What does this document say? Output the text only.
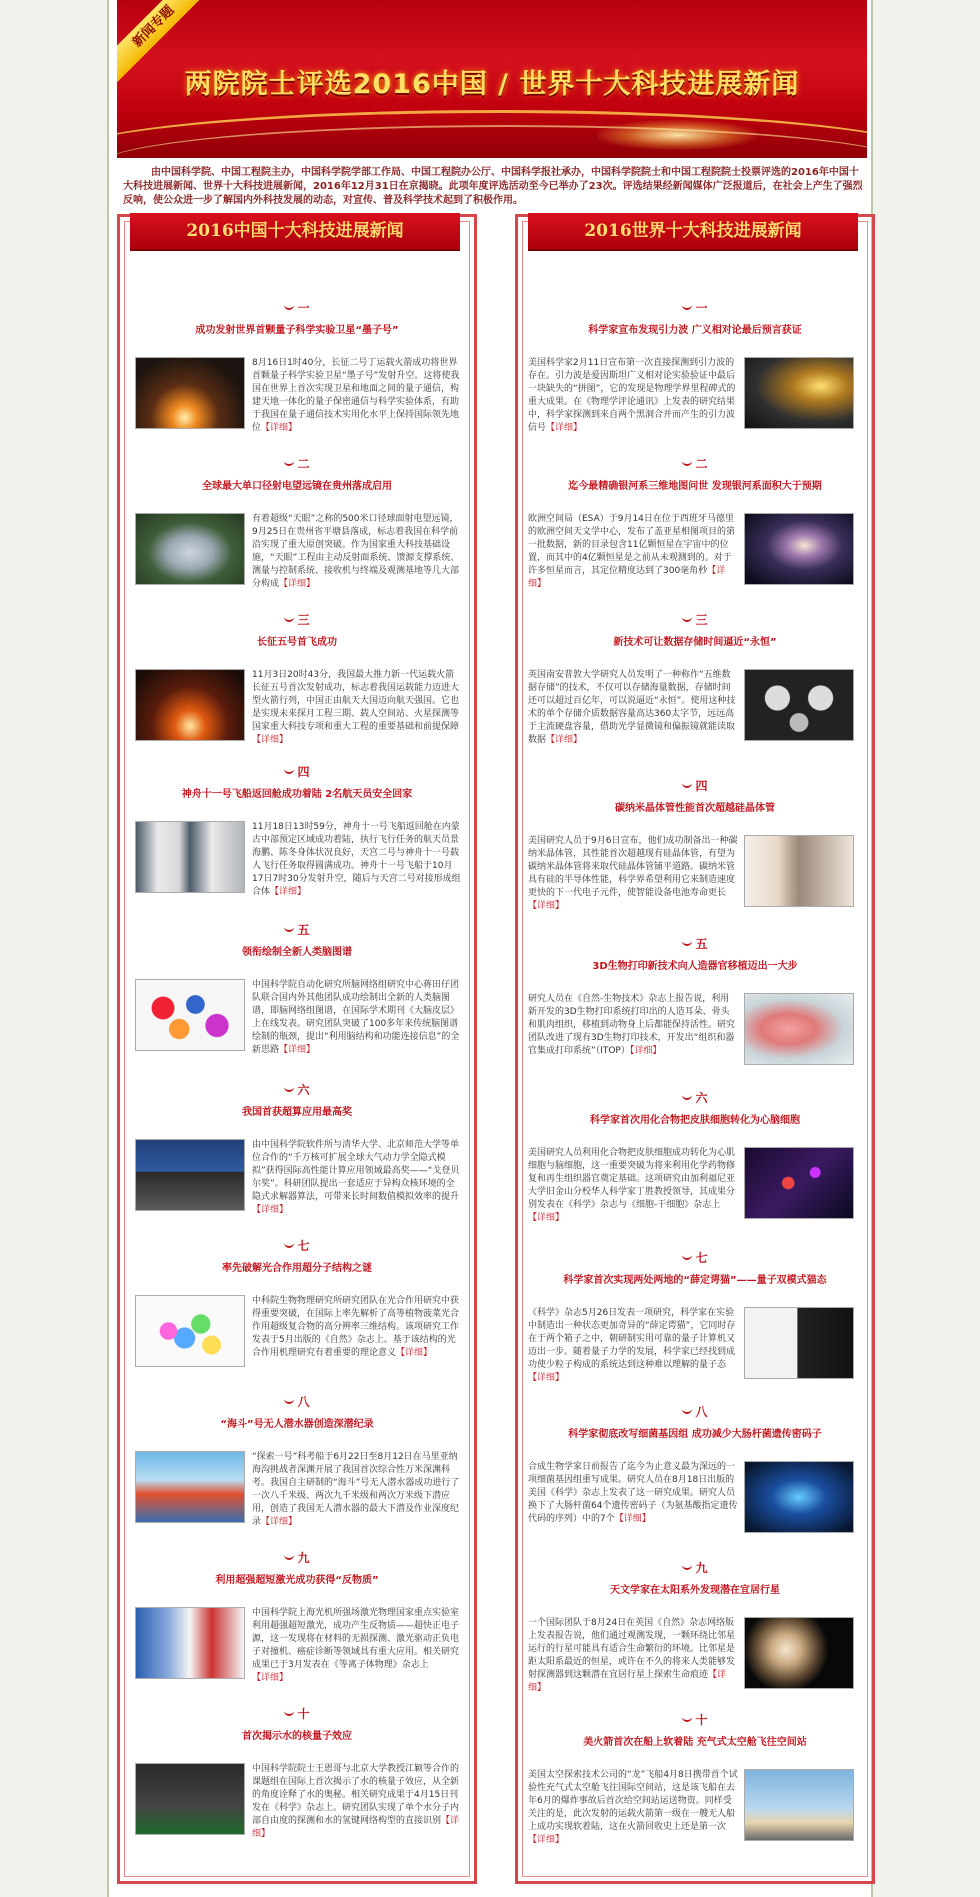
新闻专题
两院院士评选2016中国 / 世界十大科技进展新闻

由中国科学院、中国工程院主办，中国科学院学部工作局、中国工程院办公厅、中国科学报社承办，中国科学院院士和中国工程院院士投票评选的2016年中国十大科技进展新闻、世界十大科技进展新闻，2016年12月31日在京揭晓。此项年度评选活动至今已举办了23次。评选结果经新闻媒体广泛报道后，在社会上产生了强烈反响，使公众进一步了解国内外科技发展的动态，对宣传、普及科学技术起到了积极作用。

2016中国十大科技进展新闻
一
成功发射世界首颗量子科学实验卫星“墨子号”
8月16日1时40分，长征二号丁运载火箭成功将世界首颗量子科学实验卫星“墨子号”发射升空。这将使我国在世界上首次实现卫星和地面之间的量子通信，构建天地一体化的量子保密通信与科学实验体系，有助于我国在量子通信技术实用化水平上保持国际领先地位【详细】
二
全球最大单口径射电望远镜在贵州落成启用
有着超级“天眼”之称的500米口径球面射电望远镜，9月25日在贵州省平塘县落成，标志着我国在科学前沿实现了重大原创突破。作为国家重大科技基础设施，“天眼”工程由主动反射面系统、馈源支撑系统、测量与控制系统、接收机与终端及观测基地等几大部分构成【详细】
三
长征五号首飞成功
11月3日20时43分，我国最大推力新一代运载火箭长征五号首次发射成功，标志着我国运载能力迈进大型火箭行列，中国正由航天大国迈向航天强国。它也是实现未来探月工程三期、载人空间站、火星探测等国家重大科技专项和重大工程的重要基础和前提保障【详细】
四
神舟十一号飞船返回舱成功着陆 2名航天员安全回家
11月18日13时59分，神舟十一号飞船返回舱在内蒙古中部预定区域成功着陆，执行飞行任务的航天员景海鹏、陈冬身体状况良好，天宫二号与神舟十一号载人飞行任务取得圆满成功。神舟十一号飞船于10月17日7时30分发射升空，随后与天宫二号对接形成组合体【详细】
五
领衔绘制全新人类脑图谱
中国科学院自动化研究所脑网络组研究中心蒋田仔团队联合国内外其他团队成功绘制出全新的人类脑图谱，即脑网络组图谱，在国际学术期刊《大脑皮层》上在线发表。研究团队突破了100多年来传统脑图谱绘制的瓶颈，提出“利用脑结构和功能连接信息”的全新思路【详细】
六
我国首获超算应用最高奖
由中国科学院软件所与清华大学、北京师范大学等单位合作的“千万核可扩展全球大气动力学全隐式模拟”获得国际高性能计算应用领域最高奖——“戈登贝尔奖”。科研团队提出一套适应于异构众核环境的全隐式求解器算法，可带来长时间数值模拟效率的提升【详细】
七
率先破解光合作用超分子结构之谜
中科院生物物理研究所研究团队在光合作用研究中获得重要突破，在国际上率先解析了高等植物菠菜光合作用超级复合物的高分辨率三维结构。该项研究工作发表于5月出版的《自然》杂志上。基于该结构的光合作用机理研究有着重要的理论意义【详细】
八
“海斗”号无人潜水器创造深潜纪录
“探索一号”科考船于6月22日至8月12日在马里亚纳海沟挑战者深渊开展了我国首次综合性万米深渊科考。我国自主研制的“海斗”号无人潜水器成功进行了一次八千米级、两次九千米级和两次万米级下潜应用，创造了我国无人潜水器的最大下潜及作业深度纪录【详细】
九
利用超强超短激光成功获得“反物质”
中国科学院上海光机所强场激光物理国家重点实验室利用超强超短激光，成功产生反物质——超快正电子源，这一发现将在材料的无损探测、激光驱动正负电子对撞机、癌症诊断等领域具有重大应用。相关研究成果已于3月发表在《等离子体物理》杂志上【详细】
十
首次揭示水的核量子效应
中国科学院院士王恩哥与北京大学教授江颖等合作的课题组在国际上首次揭示了水的核量子效应，从全新的角度诠释了水的奥秘。相关研究成果于4月15日刊发在《科学》杂志上。研究团队实现了单个水分子内部自由度的探测和水的氢键网络构型的直接识别【详细】
2016世界十大科技进展新闻
一
科学家宣布发现引力波 广义相对论最后预言获证
美国科学家2月11日宣布第一次直接探测到引力波的存在。引力波是爱因斯坦广义相对论实验验证中最后一块缺失的“拼图”，它的发现是物理学界里程碑式的重大成果。在《物理学评论通讯》上发表的研究结果中，科学家探测到来自两个黑洞合并而产生的引力波信号【详细】
二
迄今最精确银河系三维地图问世 发现银河系面积大于预期
欧洲空间局（ESA）于9月14日在位于西班牙马德里的欧洲空间天文学中心，发布了盖亚星相图项目的第一批数据，新的目录包含11亿颗恒星在宇宙中的位置，而其中的4亿颗恒星是之前从未观测到的。对于许多恒星而言，其定位精度达到了300毫角秒【详细】
三
新技术可让数据存储时间逼近“永恒”
英国南安普敦大学研究人员发明了一种称作“五维数据存储”的技术，不仅可以存储海量数据，存储时间还可以超过百亿年，可以说逼近“永恒”。使用这种技术的单个存储介质数据容量高达360太字节，远远高于主流硬盘容量，借助光学显微镜和偏振镜就能读取数据【详细】
四
碳纳米晶体管性能首次超越硅晶体管
美国研究人员于9月6日宣布，他们成功制备出一种碳纳米晶体管，其性能首次超越现有硅晶体管，有望为碳纳米晶体管将来取代硅晶体管铺平道路。碳纳米管具有硅的半导体性能，科学界希望利用它来制造速度更快的下一代电子元件，使智能设备电池寿命更长【详细】
五
3D生物打印新技术向人造器官移植迈出一大步
研究人员在《自然-生物技术》杂志上报告说，利用新开发的3D生物打印系统打印出的人造耳朵、骨头和肌肉组织，移植到动物身上后都能保持活性。研究团队改进了现有3D生物打印技术，开发出“组织和器官集成打印系统”（ITOP）【详细】
六
科学家首次用化合物把皮肤细胞转化为心脑细胞
美国研究人员利用化合物把皮肤细胞成功转化为心肌细胞与脑细胞，这一重要突破为将来利用化学药物修复和再生组织器官奠定基础。这项研究由加利福尼亚大学旧金山分校华人科学家丁胜教授领导，其成果分别发表在《科学》杂志与《细胞-干细胞》杂志上【详细】
七
科学家首次实现两处两地的“薛定谔猫”——量子双模式猫态
《科学》杂志5月26日发表一项研究，科学家在实验中制造出一种状态更加奇异的“薛定谔猫”，它同时存在于两个箱子之中，朝研制实用可靠的量子计算机又迈出一步。随着量子力学的发展，科学家已经找到成功使少粒子构成的系统达到这种难以理解的量子态【详细】
八
科学家彻底改写细菌基因组 成功减少大肠杆菌遗传密码子
合成生物学家日前报告了迄今为止意义最为深远的一项细菌基因组重写成果。研究人员在8月18日出版的美国《科学》杂志上发表了这一研究成果。研究人员换下了大肠杆菌64个遗传密码子（为氨基酸指定遗传代码的序列）中的7个【详细】
九
天文学家在太阳系外发现潜在宜居行星
一个国际团队于8月24日在英国《自然》杂志网络版上发表报告说，他们通过观测发现，一颗环绕比邻星运行的行星可能具有适合生命繁衍的环境。比邻星是距太阳系最近的恒星，或许在不久的将来人类能够发射探测器到这颗潜在宜居行星上探索生命痕迹【详细】
十
美火箭首次在船上软着陆 充气式太空舱飞往空间站
美国太空探索技术公司的“龙”飞船4月8日携带首个试验性充气式太空舱飞往国际空间站，这是该飞船在去年6月的爆炸事故后首次给空间站运送物资。同样受关注的是，此次发射的运载火箭第一级在一艘无人船上成功实现软着陆，这在火箭回收史上还是第一次【详细】
